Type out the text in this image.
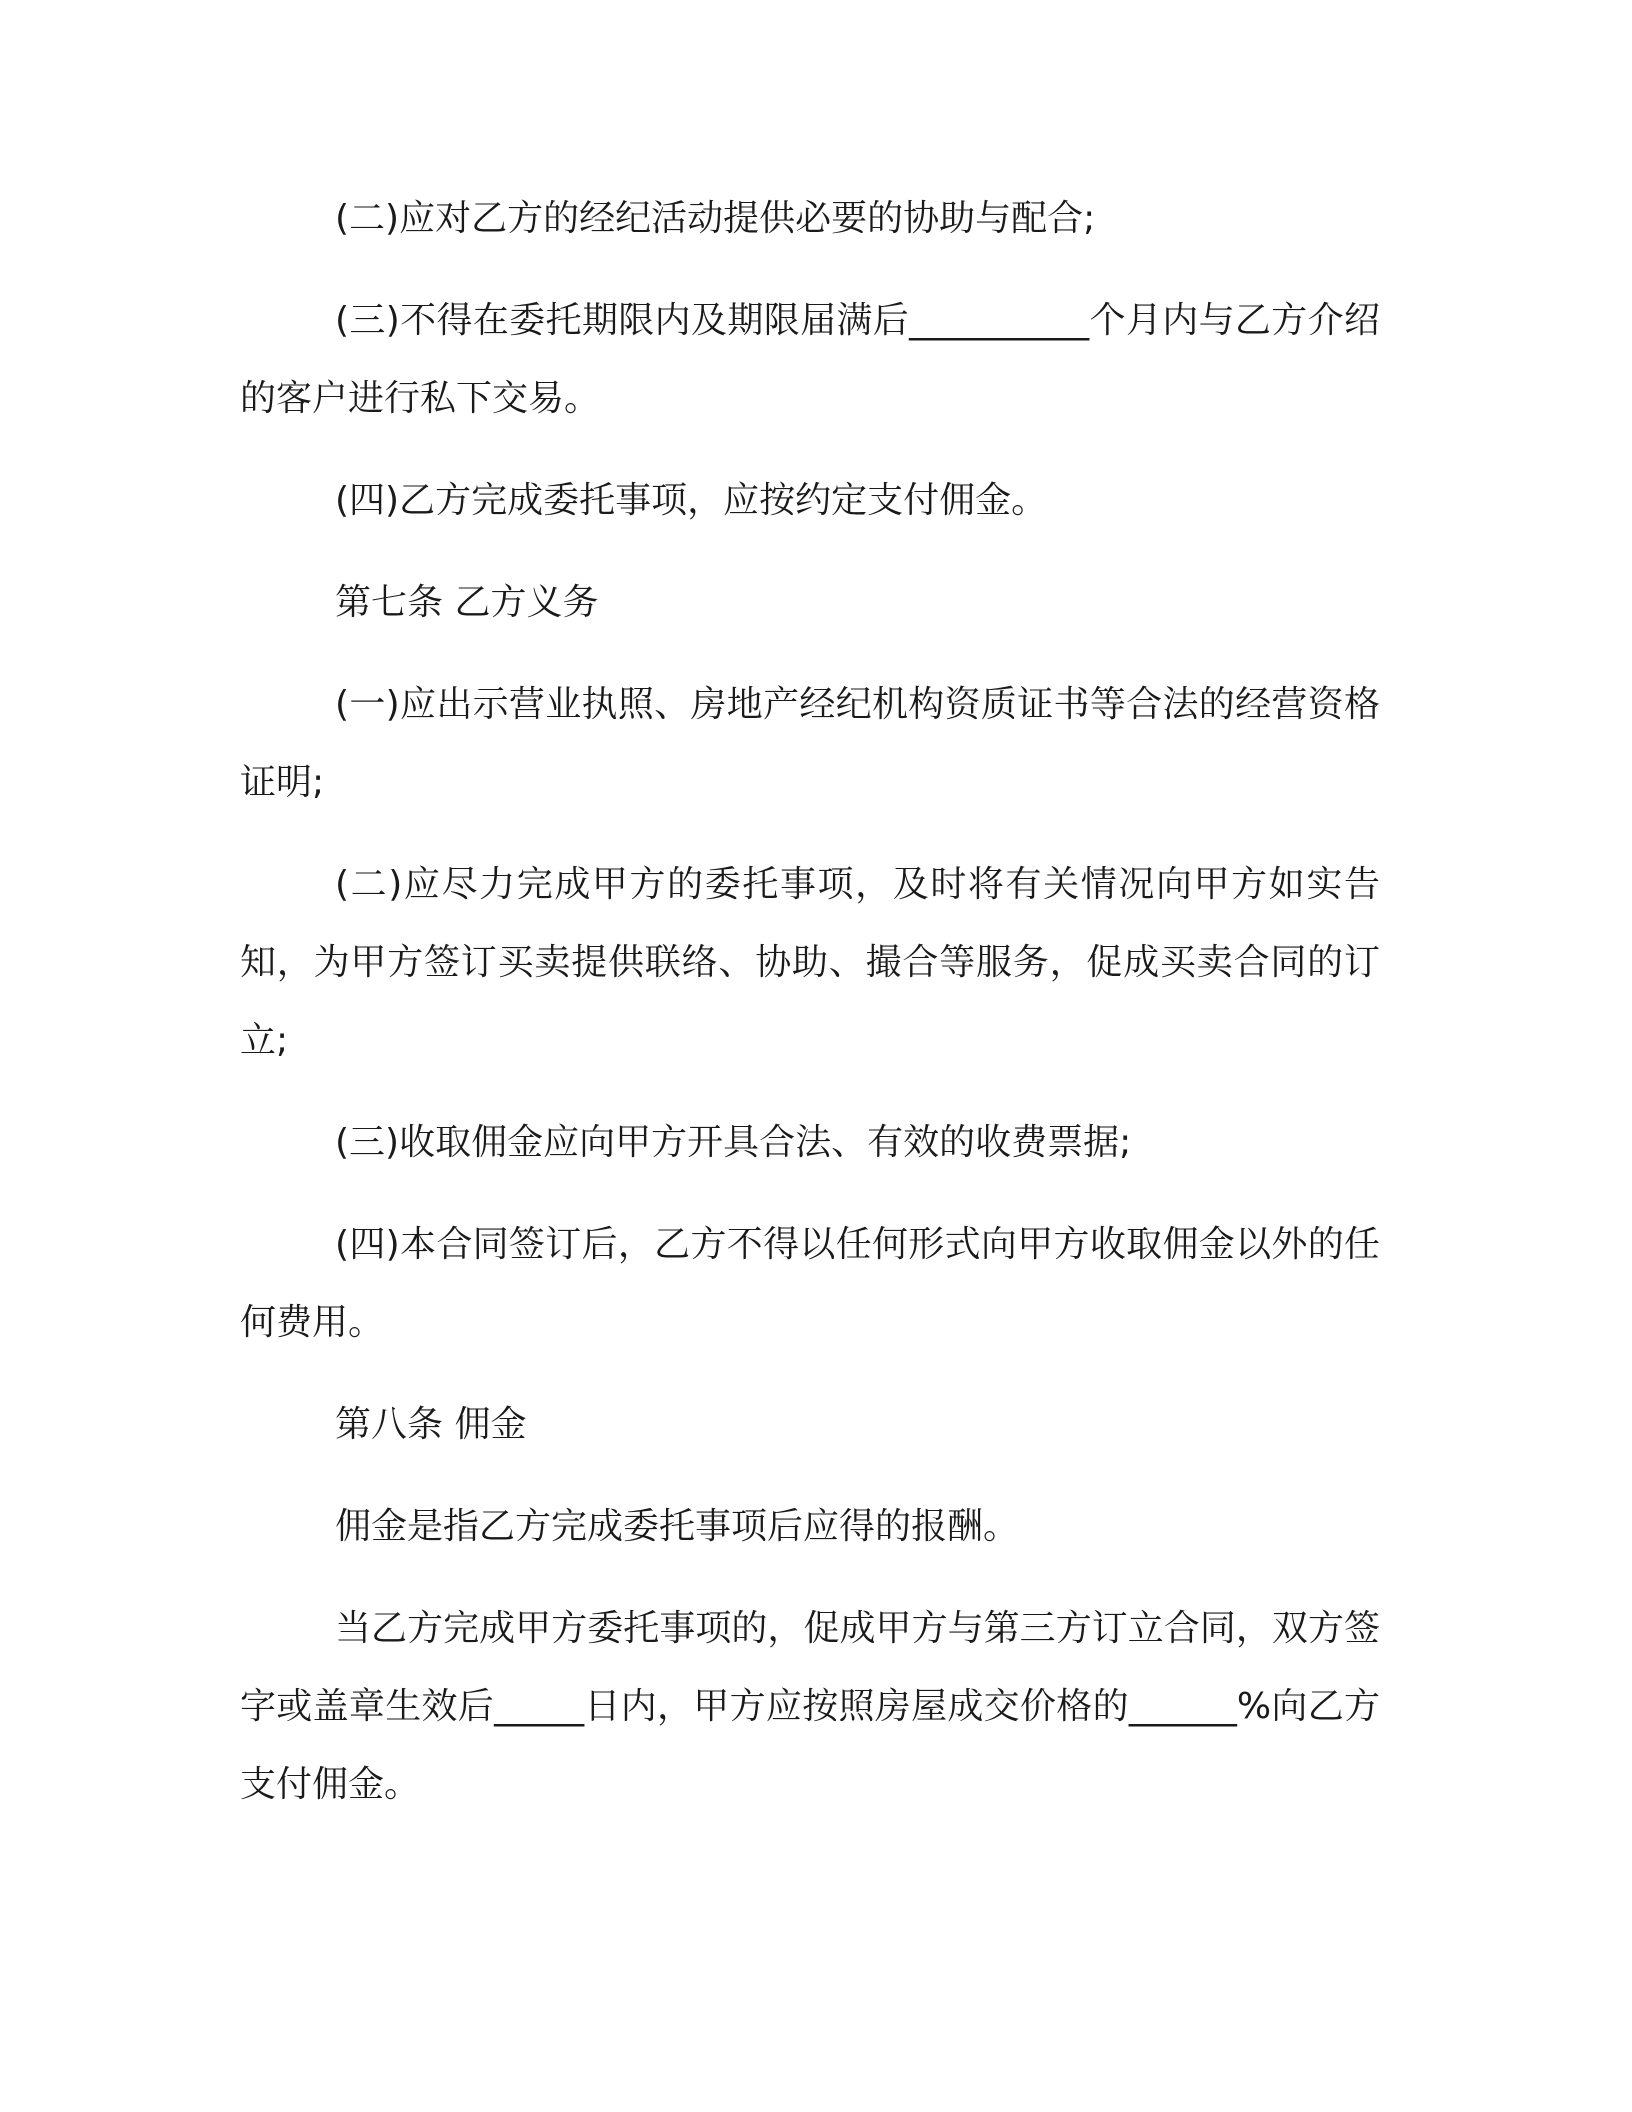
(二)应对乙方的经纪活动提供必要的协助与配合;

(三)不得在委托期限内及期限届满后__________个月内与乙方介绍的客户进行私下交易。

(四)乙方完成委托事项，应按约定支付佣金。

第七条 乙方义务

(一)应出示营业执照、房地产经纪机构资质证书等合法的经营资格证明;

(二)应尽力完成甲方的委托事项，及时将有关情况向甲方如实告知，为甲方签订买卖提供联络、协助、撮合等服务，促成买卖合同的订立;

(三)收取佣金应向甲方开具合法、有效的收费票据;

(四)本合同签订后，乙方不得以任何形式向甲方收取佣金以外的任何费用。

第八条 佣金

佣金是指乙方完成委托事项后应得的报酬。

当乙方完成甲方委托事项的，促成甲方与第三方订立合同，双方签字或盖章生效后_____日内，甲方应按照房屋成交价格的______%向乙方支付佣金。
